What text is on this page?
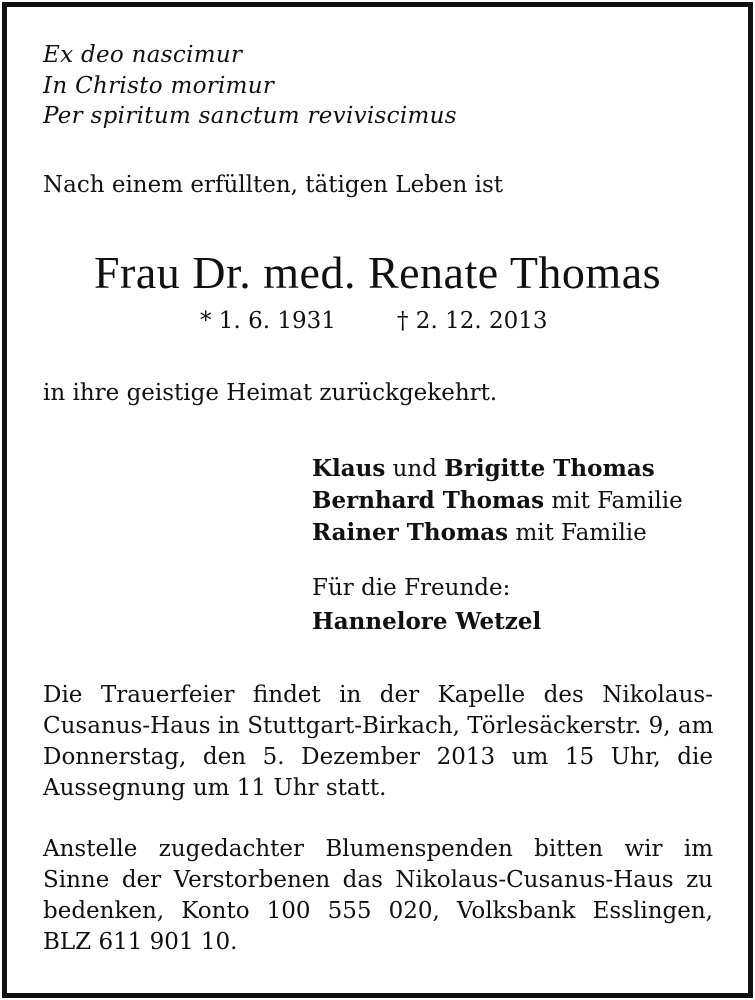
Ex deo nascimur
In Christo morimur
Per spiritum sanctum reviviscimus
Nach einem erfüllten, tätigen Leben ist
Frau Dr. med. Renate Thomas
* 1. 6. 1931	† 2. 12. 2013
in ihre geistige Heimat zurückgekehrt.
Klaus und Brigitte Thomas
Bernhard Thomas mit Familie
Rainer Thomas mit Familie
Für die Freunde:
Hannelore Wetzel
Die Trauerfeier findet in der Kapelle des Nikolaus-
Cusanus-Haus in Stuttgart-Birkach, Törlesäckerstr. 9, am
Donnerstag, den 5. Dezember 2013 um 15 Uhr, die
Aussegnung um 11 Uhr statt.
Anstelle zugedachter Blumenspenden bitten wir im
Sinne der Verstorbenen das Nikolaus-Cusanus-Haus zu
bedenken, Konto 100 555 020, Volksbank Esslingen,
BLZ 611 901 10.
